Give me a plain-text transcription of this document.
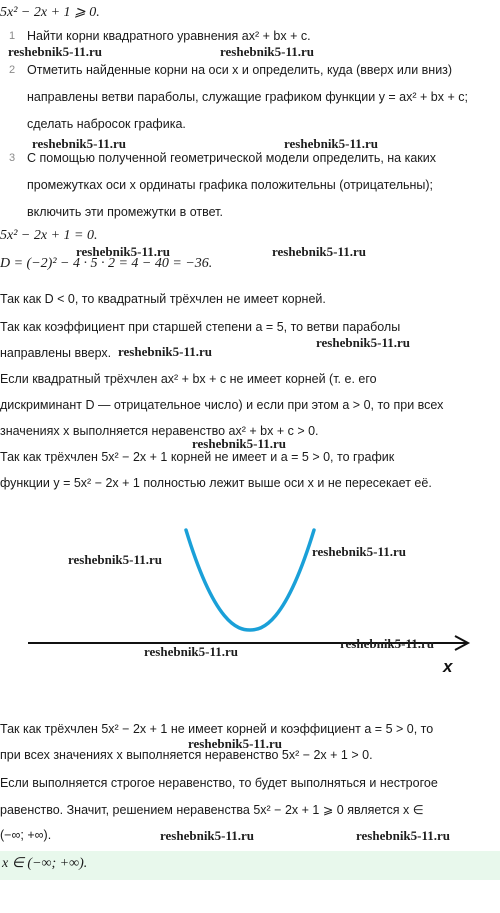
5x² − 2x + 1 ⩾ 0.
1 Найти корни квадратного уравнения ax² + bx + c.
2 Отметить найденные корни на оси x и определить, куда (вверх или вниз) направлены ветви параболы, служащие графиком функции y = ax² + bx + c; сделать набросок графика.
3 С помощью полученной геометрической модели определить, на каких промежутках оси x ординаты графика положительны (отрицательны); включить эти промежутки в ответ.
5x² − 2x + 1 = 0.
D = (−2)² − 4 · 5 · 2 = 4 − 40 = −36.
Так как D < 0, то квадратный трёхчлен не имеет корней.
Так как коэффициент при старшей степени a = 5, то ветви параболы
направлены вверх.
Если квадратный трёхчлен ax² + bx + c не имеет корней (т. е. его
дискриминант D — отрицательное число) и если при этом a > 0, то при всех
значениях x выполняется неравенство ax² + bx + c > 0.
Так как трёхчлен 5x² − 2x + 1 корней не имеет и a = 5 > 0, то график
функции y = 5x² − 2x + 1 полностью лежит выше оси x и не пересекает её.
x
Так как трёхчлен 5x² − 2x + 1 не имеет корней и коэффициент a = 5 > 0, то
при всех значениях x выполняется неравенство 5x² − 2x + 1 > 0.
Если выполняется строгое неравенство, то будет выполняться и нестрогое
равенство. Значит, решением неравенства 5x² − 2x + 1 ⩾ 0 является x ∈
(−∞; +∞).
x ∈ (−∞; +∞).
reshebnik5-11.ru	reshebnik5-11.ru
reshebnik5-11.ru	reshebnik5-11.ru
reshebnik5-11.ru	reshebnik5-11.ru
reshebnik5-11.ru
reshebnik5-11.ru
reshebnik5-11.ru
reshebnik5-11.ru
reshebnik5-11.ru
reshebnik5-11.ru
reshebnik5-11.ru
reshebnik5-11.ru
reshebnik5-11.ru	reshebnik5-11.ru
